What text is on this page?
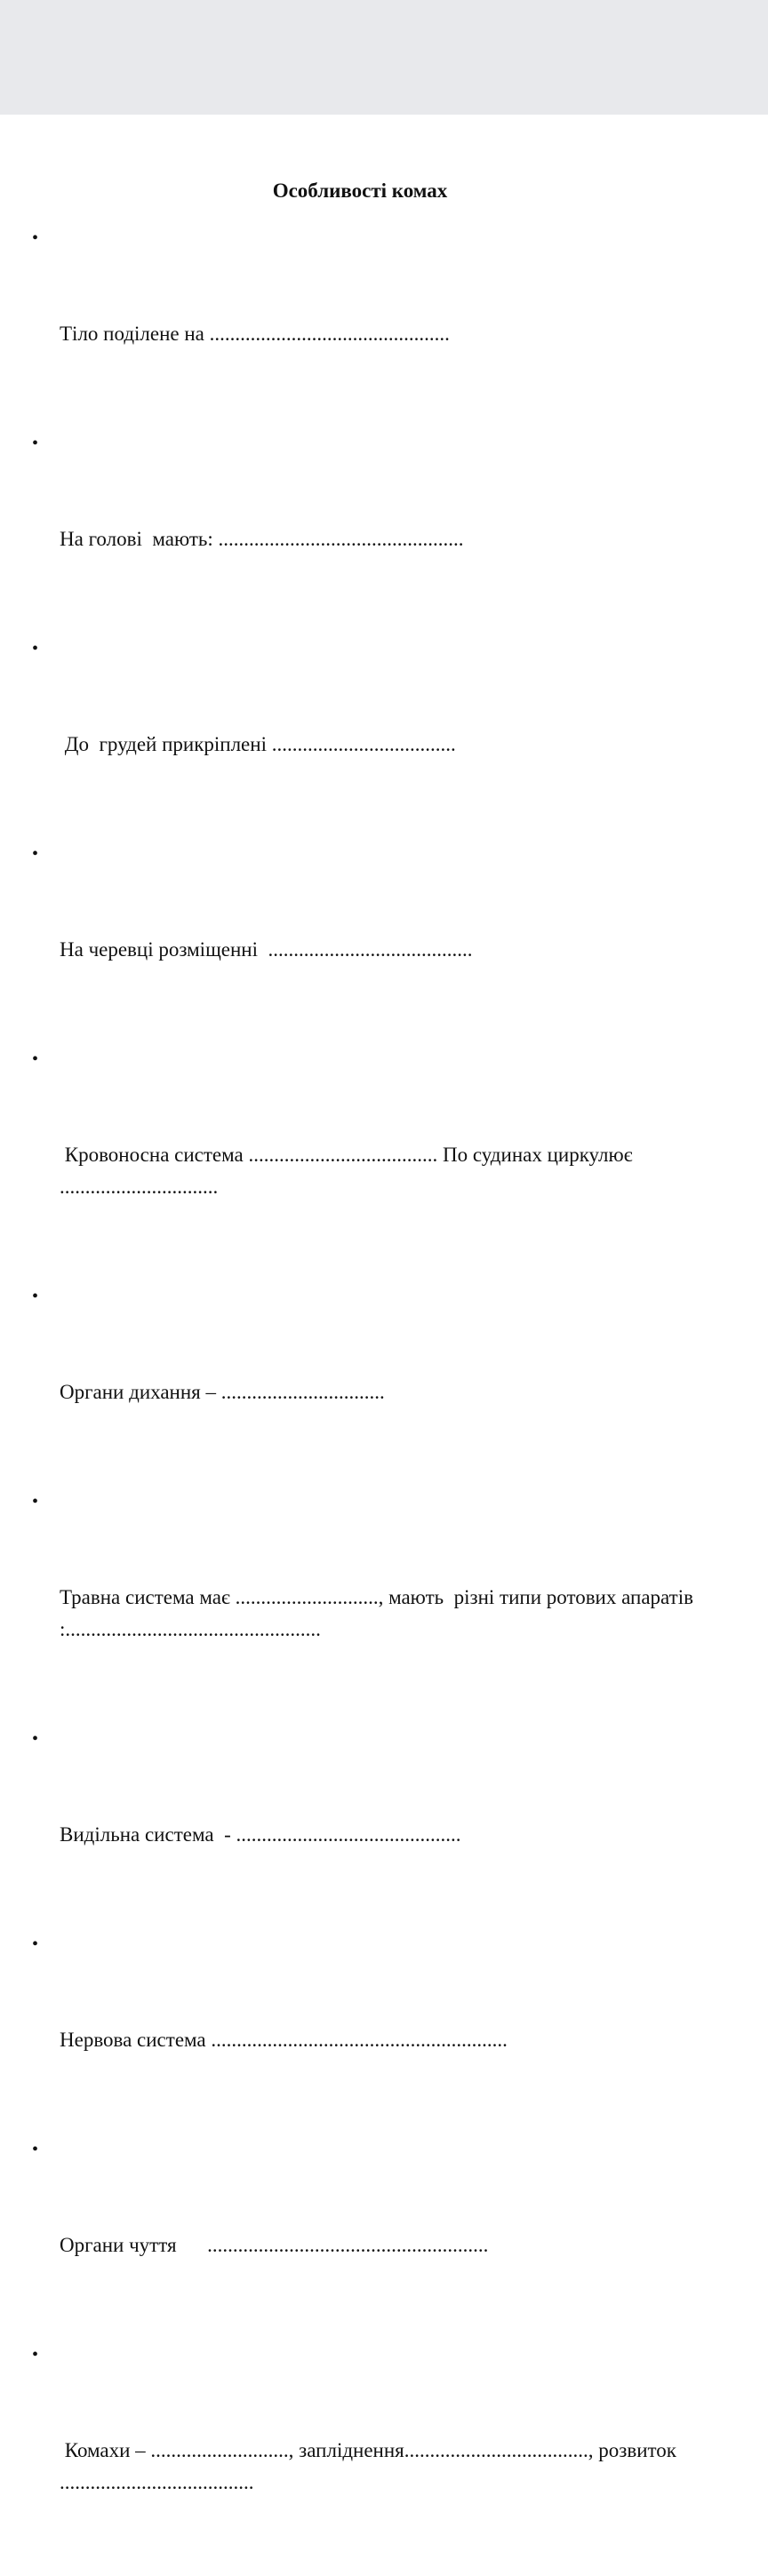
Особливості комах

•

Тіло поділене на ...............................................

•

На голові  мають: ................................................

•

До  грудей прикріплені ....................................

•

На черевці розміщенні  ........................................

•

Кровоносна система ..................................... По судинах циркулює ...............................

•

Органи дихання – ................................

•

Травна система має ............................, мають  різні типи ротових апаратів :..................................................

•

Видільна система  - ............................................

•

Нервова система ..........................................................

•

Органи чуття      .......................................................

•

Комахи – ..........................., запліднення...................................., розвиток   ......................................
